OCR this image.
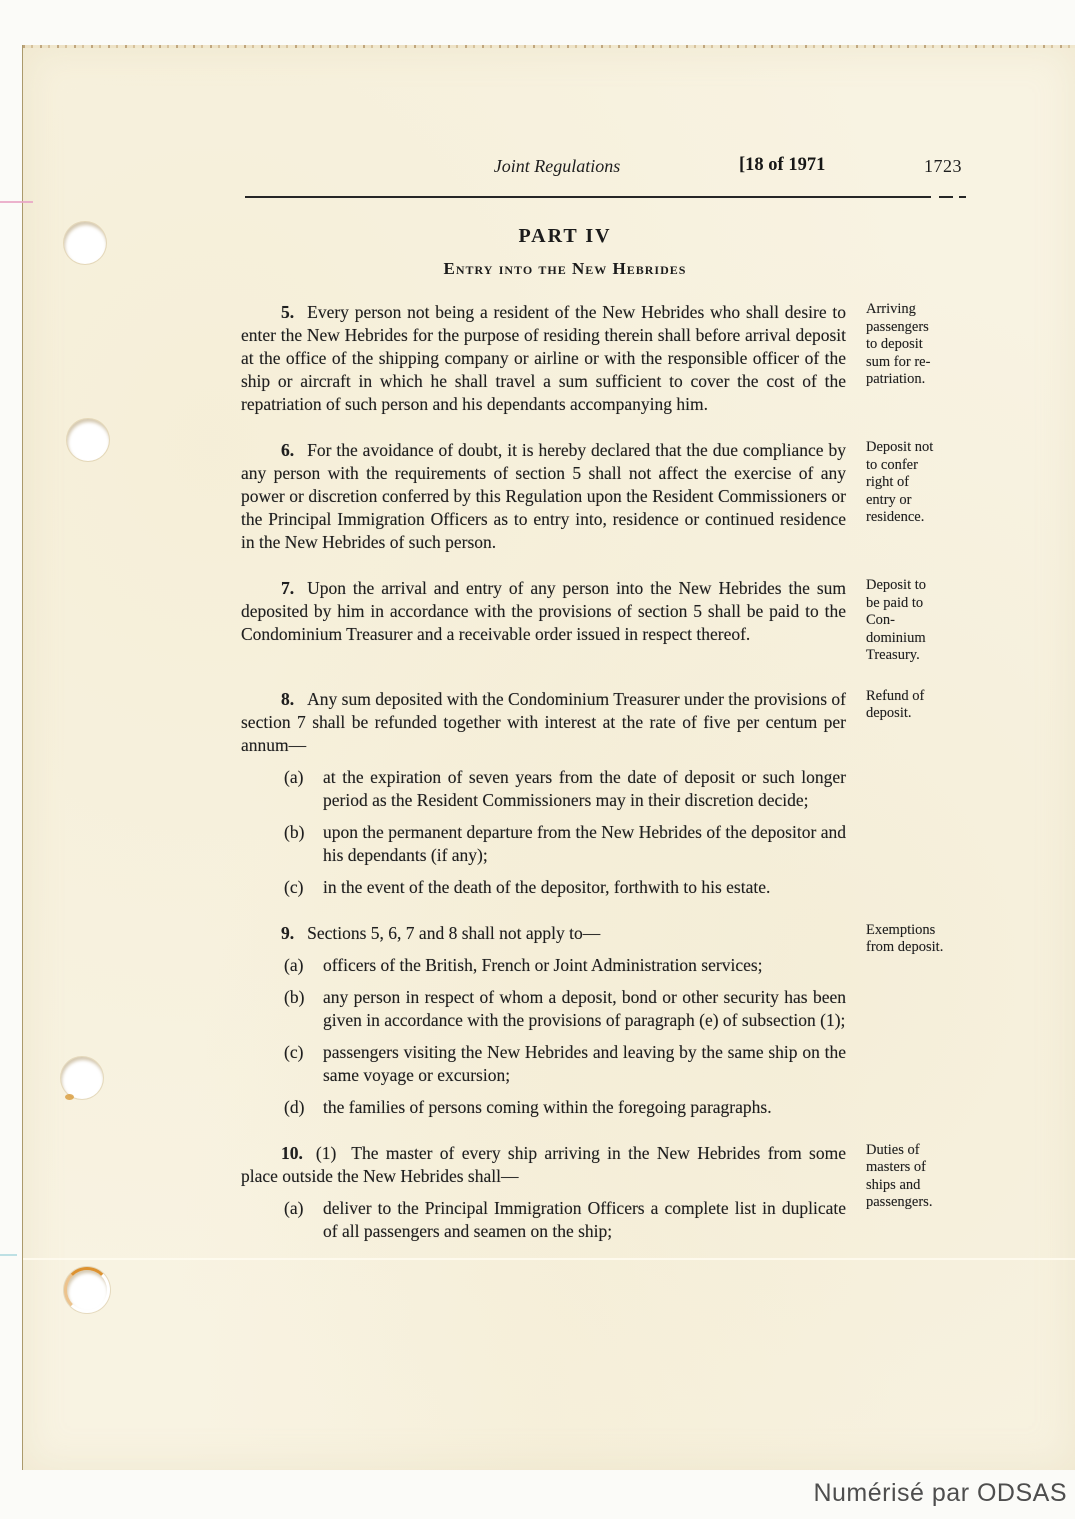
Joint Regulations	[18 of 1971	1723
PART IV
Entry into the New Hebrides

5. Every person not being a resident of the New Hebrides who shall desire to enter the New Hebrides for the purpose of residing therein shall before arrival deposit at the office of the shipping company or airline or with the responsible officer of the ship or aircraft in which he shall travel a sum sufficient to cover the cost of the repatriation of such person and his dependants accompanying him.

Arriving
passengers
to deposit
sum for re-
patriation.

6. For the avoidance of doubt, it is hereby declared that the due compliance by any person with the requirements of section 5 shall not affect the exercise of any power or discretion conferred by this Regulation upon the Resident Commissioners or the Principal Immigration Officers as to entry into, residence or continued residence in the New Hebrides of such person.

Deposit not
to confer
right of
entry or
residence.

7. Upon the arrival and entry of any person into the New Hebrides the sum deposited by him in accordance with the provisions of section 5 shall be paid to the Condominium Treasurer and a receivable order issued in respect thereof.

Deposit to
be paid to
Con-
dominium
Treasury.

8. Any sum deposited with the Condominium Treasurer under the provisions of section 7 shall be refunded together with interest at the rate of five per centum per annum—

(a) at the expiration of seven years from the date of deposit or such longer period as the Resident Commissioners may in their discretion decide;
(b) upon the permanent departure from the New Hebrides of the depositor and his dependants (if any);
(c) in the event of the death of the depositor, forthwith to his estate.
Refund of
deposit.

9. Sections 5, 6, 7 and 8 shall not apply to—

(a) officers of the British, French or Joint Administration services;
(b) any person in respect of whom a deposit, bond or other security has been given in accordance with the provisions of paragraph (e) of subsection (1);
(c) passengers visiting the New Hebrides and leaving by the same ship on the same voyage or excursion;
(d) the families of persons coming within the foregoing paragraphs.
Exemptions
from deposit.

10. (1) The master of every ship arriving in the New Hebrides from some place outside the New Hebrides shall—

(a) deliver to the Principal Immigration Officers a complete list in duplicate of all passengers and seamen on the ship;
Duties of
masters of
ships and
passengers.
Numérisé par ODSAS
